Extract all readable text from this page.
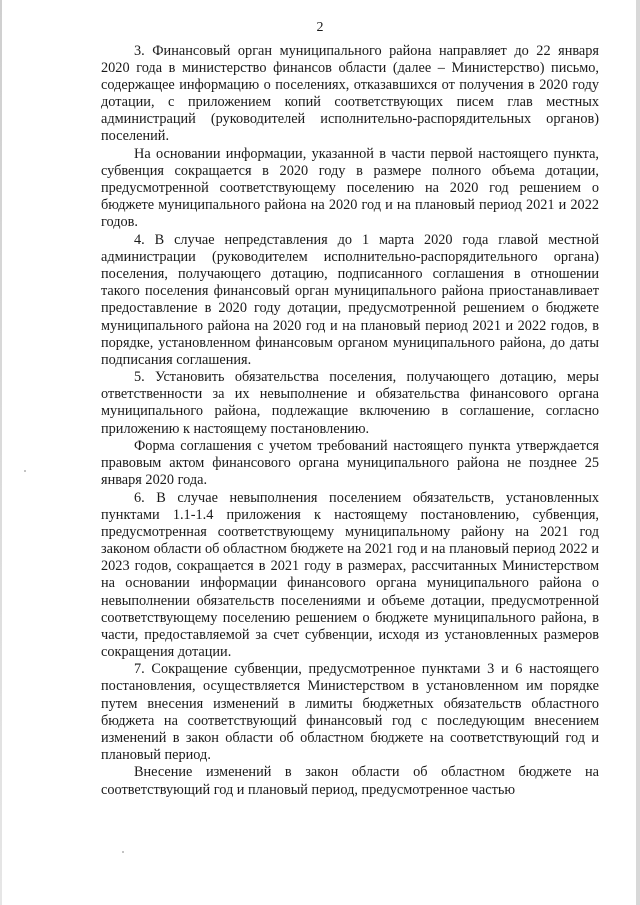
2

3. Финансовый орган муниципального района направляет до 22 января 2020 года в министерство финансов области (далее – Министерство) письмо, содержащее информацию о поселениях, отказавшихся от получения в 2020 году дотации, с приложением копий соответствующих писем глав местных администраций (руководителей исполнительно-распорядительных органов) поселений.

На основании информации, указанной в части первой настоящего пункта, субвенция сокращается в 2020 году в размере полного объема дотации, предусмотренной соответствующему поселению на 2020 год решением о бюджете муниципального района на 2020 год и на плановый период 2021 и 2022 годов.

4. В случае непредставления до 1 марта 2020 года главой местной администрации (руководителем исполнительно-распорядительного органа) поселения, получающего дотацию, подписанного соглашения в отношении такого поселения финансовый орган муниципального района приостанавливает предоставление в 2020 году дотации, предусмотренной решением о бюджете муниципального района на 2020 год и на плановый период 2021 и 2022 годов, в порядке, установленном финансовым органом муниципального района, до даты подписания соглашения.

5. Установить обязательства поселения, получающего дотацию, меры ответственности за их невыполнение и обязательства финансового органа муниципального района, подлежащие включению в соглашение, согласно приложению к настоящему постановлению.

Форма соглашения с учетом требований настоящего пункта утверждается правовым актом финансового органа муниципального района не позднее 25 января 2020 года.

6. В случае невыполнения поселением обязательств, установленных пунктами 1.1-1.4 приложения к настоящему постановлению, субвенция, предусмотренная соответствующему муниципальному району на 2021 год законом области об областном бюджете на 2021 год и на плановый период 2022 и 2023 годов, сокращается в 2021 году в размерах, рассчитанных Министерством на основании информации финансового органа муниципального района о невыполнении обязательств поселениями и объеме дотации, предусмотренной соответствующему поселению решением о бюджете муниципального района, в части, предоставляемой за счет субвенции, исходя из установленных размеров сокращения дотации.

7. Сокращение субвенции, предусмотренное пунктами 3 и 6 настоящего постановления, осуществляется Министерством в установленном им порядке путем внесения изменений в лимиты бюджетных обязательств областного бюджета на соответствующий финансовый год с последующим внесением изменений в закон области об областном бюджете на соответствующий год и плановый период.

Внесение изменений в закон области об областном бюджете на соответствующий год и плановый период, предусмотренное частью
